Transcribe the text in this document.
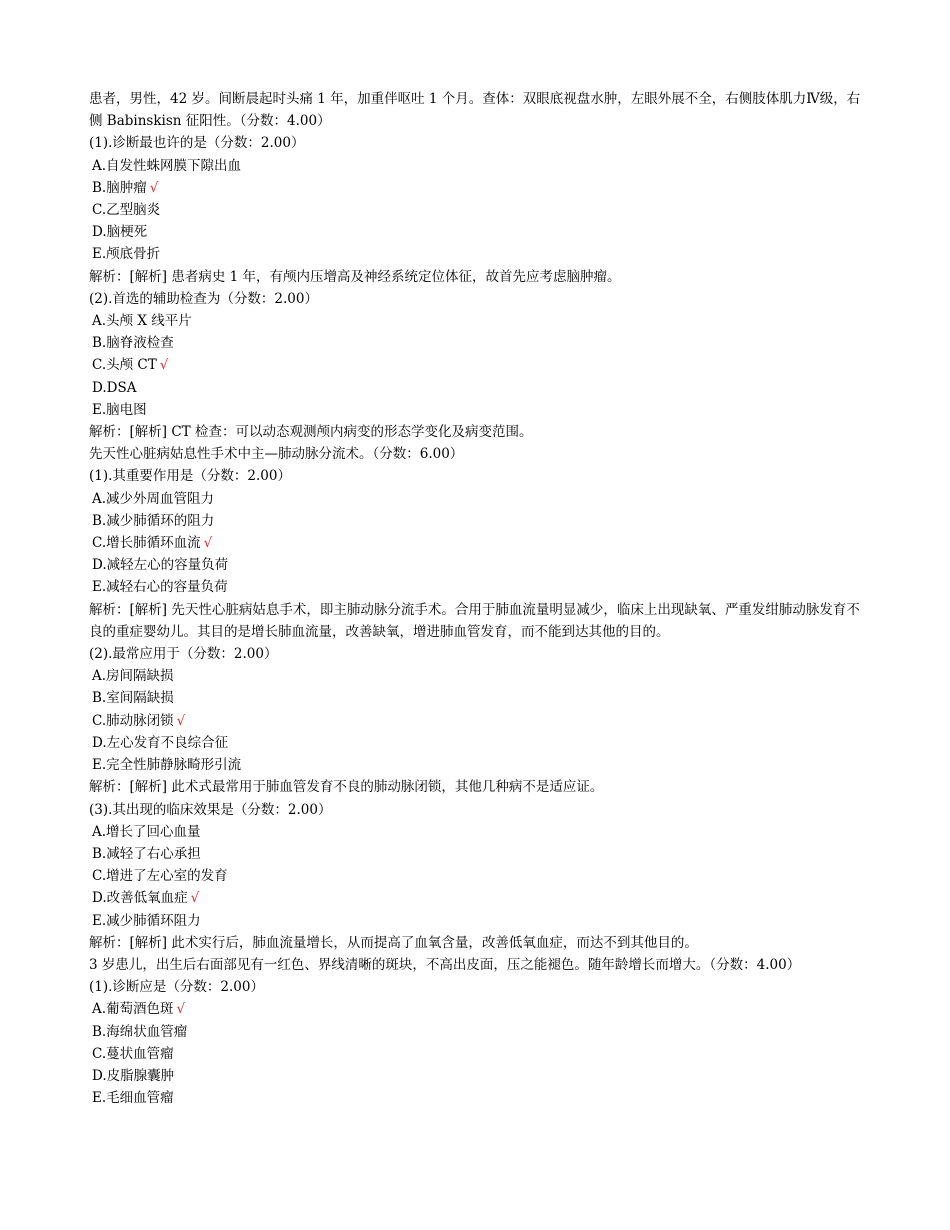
患者，男性，42 岁。间断晨起时头痛 1 年，加重伴呕吐 1 个月。查体：双眼底视盘水肿，左眼外展不全，右侧肢体肌力Ⅳ级，右侧 Babinskisn 征阳性。（分数：4.00）
(1).诊断最也许的是（分数：2.00）
A.自发性蛛网膜下隙出血
B.脑肿瘤 √
C.乙型脑炎
D.脑梗死
E.颅底骨折
解析：[解析] 患者病史 1 年，有颅内压增高及神经系统定位体征，故首先应考虑脑肿瘤。
(2).首选的辅助检查为（分数：2.00）
A.头颅 X 线平片
B.脑脊液检查
C.头颅 CT √
D.DSA
E.脑电图
解析：[解析] CT 检查：可以动态观测颅内病变的形态学变化及病变范围。
先天性心脏病姑息性手术中主—肺动脉分流术。（分数：6.00）
(1).其重要作用是（分数：2.00）
A.减少外周血管阻力
B.减少肺循环的阻力
C.增长肺循环血流 √
D.减轻左心的容量负荷
E.减轻右心的容量负荷
解析：[解析] 先天性心脏病姑息手术，即主肺动脉分流手术。合用于肺血流量明显减少，临床上出现缺氧、严重发绀肺动脉发育不良的重症婴幼儿。其目的是增长肺血流量，改善缺氧，增进肺血管发育，而不能到达其他的目的。
(2).最常应用于（分数：2.00）
A.房间隔缺损
B.室间隔缺损
C.肺动脉闭锁 √
D.左心发育不良综合征
E.完全性肺静脉畸形引流
解析：[解析] 此术式最常用于肺血管发育不良的肺动脉闭锁，其他几种病不是适应证。
(3).其出现的临床效果是（分数：2.00）
A.增长了回心血量
B.减轻了右心承担
C.增进了左心室的发育
D.改善低氧血症 √
E.减少肺循环阻力
解析：[解析] 此术实行后，肺血流量增长，从而提高了血氧含量，改善低氧血症，而达不到其他目的。
3 岁患儿，出生后右面部见有一红色、界线清晰的斑块，不高出皮面，压之能褪色。随年龄增长而增大。（分数：4.00）
(1).诊断应是（分数：2.00）
A.葡萄酒色斑 √
B.海绵状血管瘤
C.蔓状血管瘤
D.皮脂腺囊肿
E.毛细血管瘤
